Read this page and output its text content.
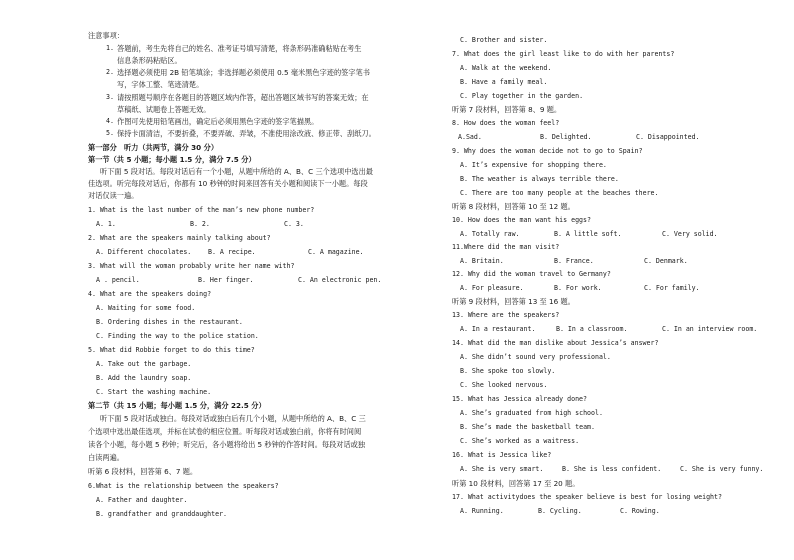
注意事项：
1. 答题前，考生先将自己的姓名、准考证号填写清楚，将条形码准确粘贴在考生
信息条形码粘贴区。
2. 选择题必须使用 2B 铅笔填涂；非选择题必须使用 0.5 毫米黑色字迹的签字笔书
写，字体工整、笔迹清楚。
3. 请按照题号顺序在各题目的答题区域内作答，超出答题区域书写的答案无效；在
草稿纸、试题卷上答题无效。
4. 作图可先使用铅笔画出，确定后必须用黑色字迹的签字笔描黑。
5. 保持卡面清洁，不要折叠，不要弄破、弄皱，不准使用涂改液、修正带、刮纸刀。
第一部分　听力（共两节，满分 30 分）
第一节（共 5 小题；每小题 1.5 分，满分 7.5 分）
听下面 5 段对话。每段对话后有一个小题，从题中所给的 A、B、C 三个选项中选出最
佳选项。听完每段对话后，你都有 10 秒钟的时间来回答有关小题和阅读下一小题。每段
对话仅读一遍。
1. What is the last number of the man’s new phone number?
A. 1.	B. 2.	C. 3.
2. What are the speakers mainly talking about?
A. Different chocolates.	B. A recipe.	C. A magazine.
3. What will the woman probably write her name with?
A . pencil.	B. Her finger.	C. An electronic pen.
4. What are the speakers doing?
A. Waiting for some food.
B. Ordering dishes in the restaurant.
C. Finding the way to the police station.
5. What did Robbie forget to do this time?
A. Take out the garbage.
B. Add the laundry soap.
C. Start the washing machine.
第二节（共 15 小题；每小题 1.5 分，满分 22.5 分）
听下面 5 段对话或独白。每段对话或独白后有几个小题，从题中所给的 A、B、C 三
个选项中选出最佳选项，并标在试卷的相应位置。听每段对话或独白前，你将有时间阅
读各个小题，每小题 5 秒钟；听完后，各小题将给出 5 秒钟的作答时间。每段对话或独
白读两遍。
听第 6 段材料，回答第 6、7 题。
6.What is the relationship between the speakers?
A. Father and daughter.
B. grandfather and granddaughter.
C. Brother and sister.
7. What does the girl least like to do with her parents?
A. Walk at the weekend.
B. Have a family meal.
C. Play together in the garden.
听第 7 段材料，回答第 8、9 题。
8. How does the woman feel?
A.Sad.	B. Delighted.	C. Disappointed.
9. Why does the woman decide not to go to Spain?
A. It’s expensive for shopping there.
B. The weather is always terrible there.
C. There are too many people at the beaches there.
听第 8 段材料，回答第 10 至 12 题。
10. How does the man want his eggs?
A. Totally raw.	B. A little soft.	C. Very solid.
11.Where did the man visit?
A. Britain.	B. France.	C. Denmark.
12. Why did the woman travel to Germany?
A. For pleasure.	B. For work.	C. For family.
听第 9 段材料，回答第 13 至 16 题。
13. Where are the speakers?
A. In a restaurant.	B. In a classroom.	C. In an interview room.
14. What did the man dislike about Jessica’s answer?
A. She didn’t sound very professional.
B. She spoke too slowly.
C. She looked nervous.
15. What has Jessica already done?
A. She’s graduated from high school.
B. She’s made the basketball team.
C. She’s worked as a waitress.
16. What is Jessica like?
A. She is very smart.	B. She is less confident.	C. She is very funny.
听第 10 段材料，回答第 17 至 20 题。
17. What activitydoes the speaker believe is best for losing weight?
A. Running.	B. Cycling.	C. Rowing.
